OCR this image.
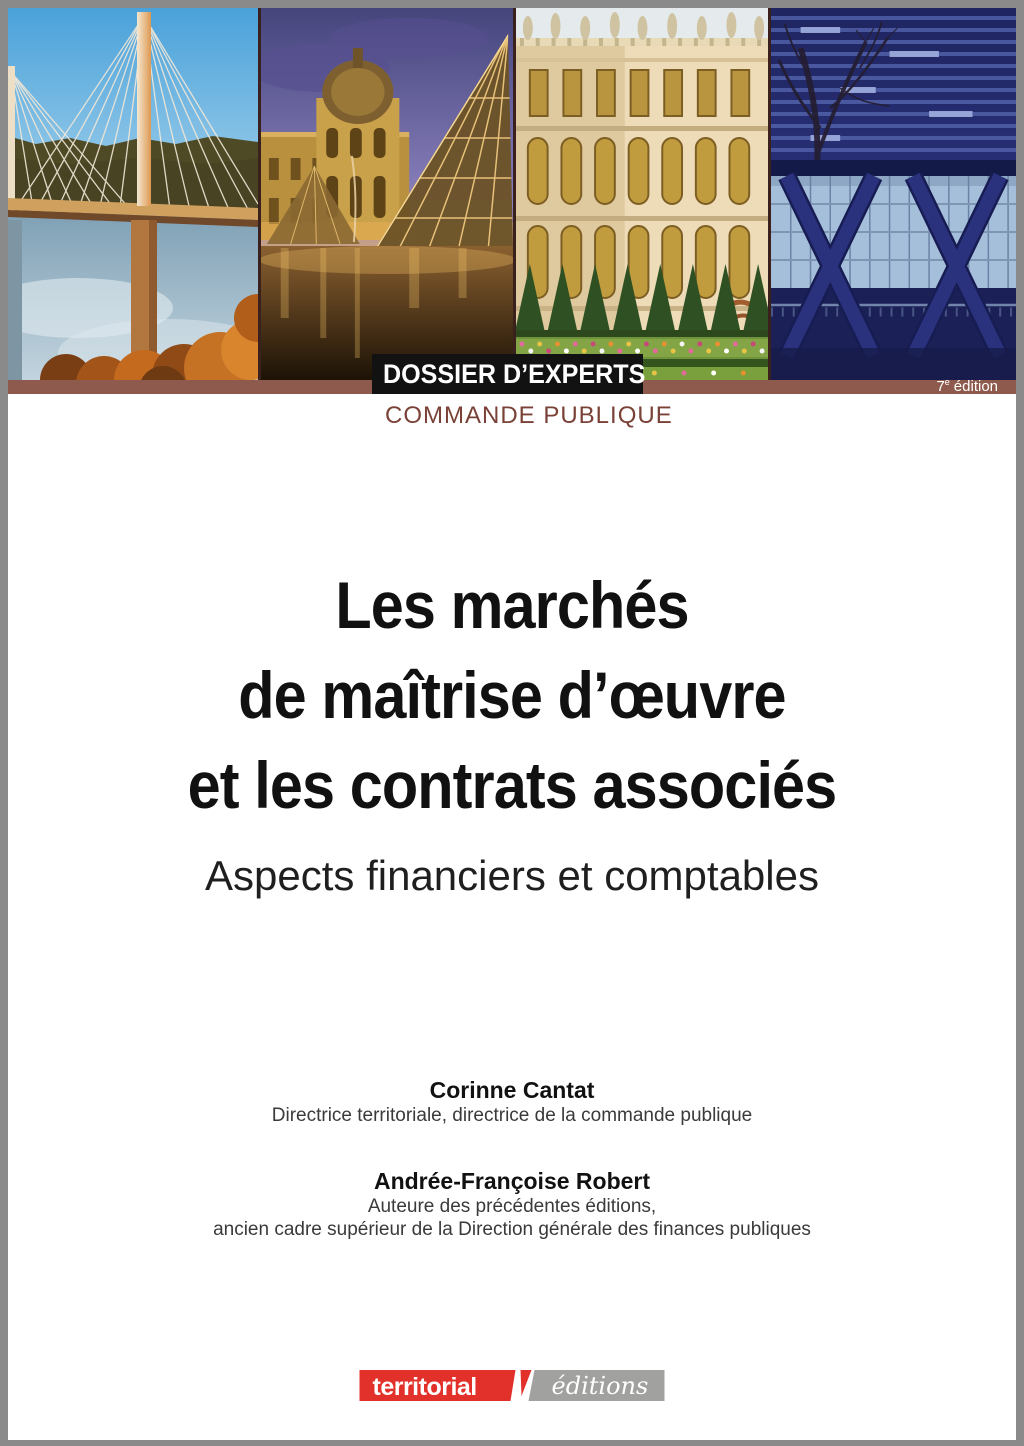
7e édition
DOSSIER D’EXPERTS
COMMANDE PUBLIQUE
Les marchés
de maîtrise d’œuvre
et les contrats associés
Aspects financiers et comptables
Corinne Cantat
Directrice territoriale, directrice de la commande publique
Andrée-Françoise Robert
Auteure des précédentes éditions,
ancien cadre supérieur de la Direction générale des finances publiques
territorial	éditions
